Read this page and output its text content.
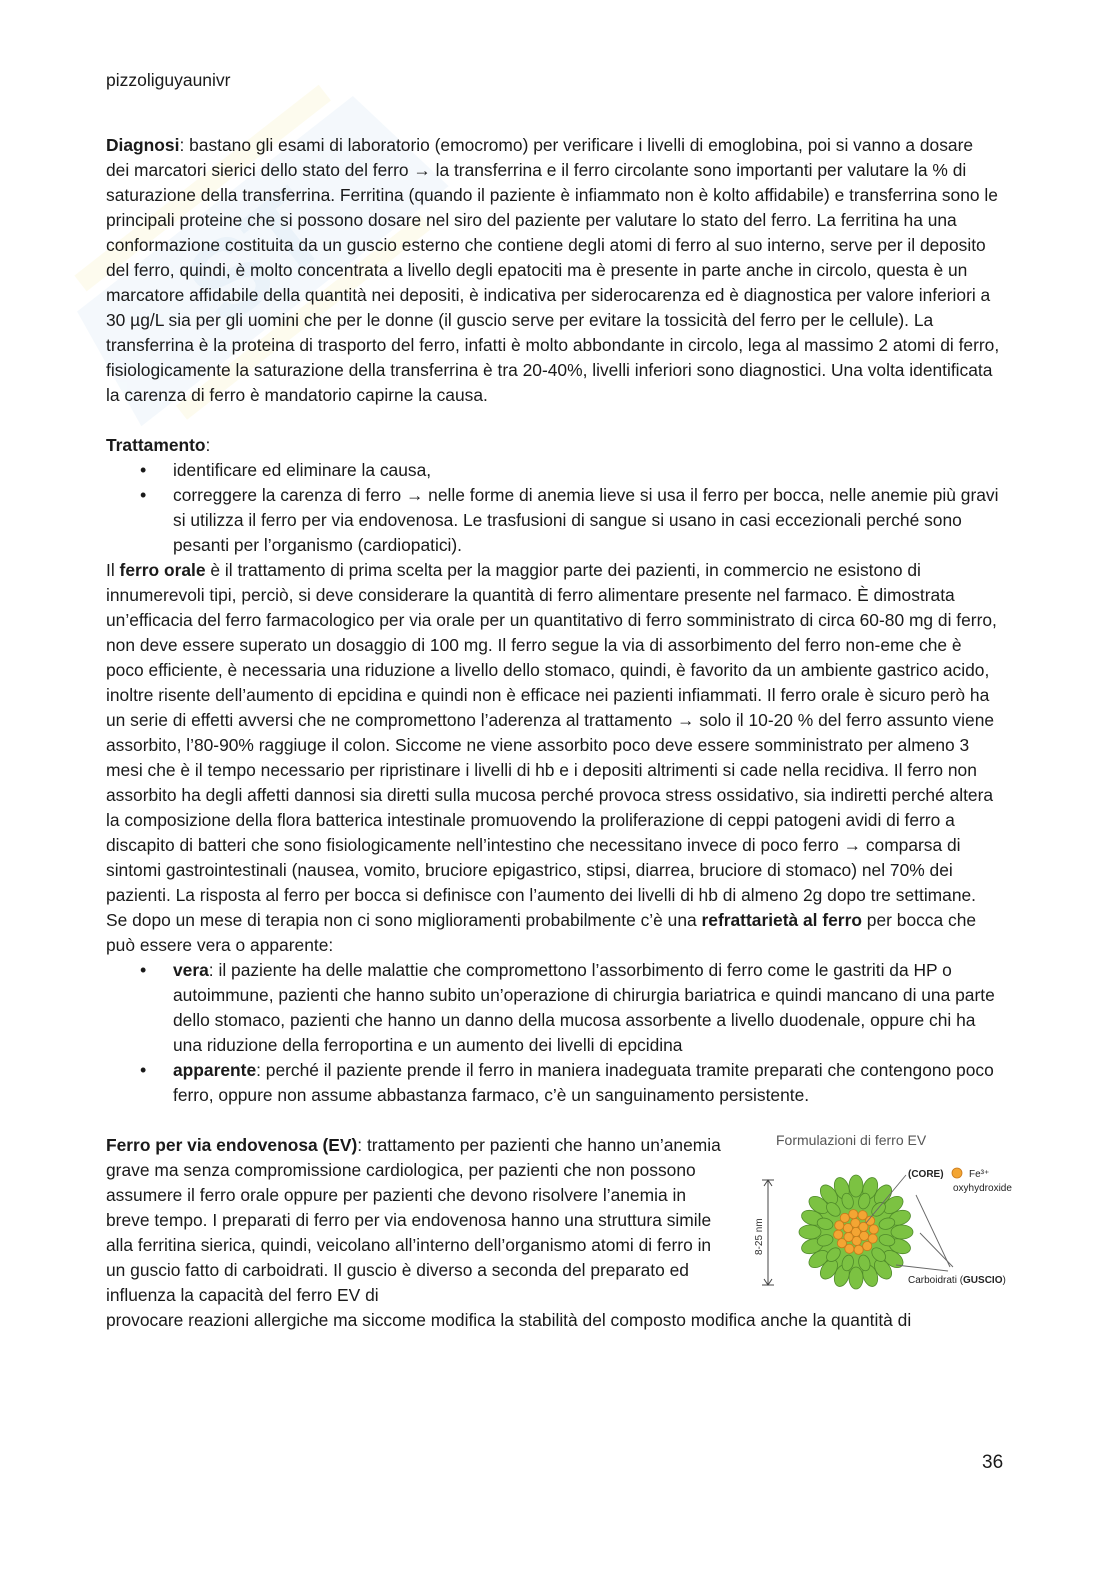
ST
pizzoliguyaunivr

Diagnosi: bastano gli esami di laboratorio (emocromo) per verificare i livelli di emoglobina, poi si vanno a dosare dei marcatori sierici dello stato del ferro → la transferrina e il ferro circolante sono importanti per valutare la % di saturazione della transferrina. Ferritina (quando il paziente è infiammato non è kolto affidabile) e transferrina sono le principali proteine che si possono dosare nel siro del paziente per valutare lo stato del ferro. La ferritina ha una conformazione costituita da un guscio esterno che contiene degli atomi di ferro al suo interno, serve per il deposito del ferro, quindi, è molto concentrata a livello degli epatociti ma è presente in parte anche in circolo, questa è un marcatore affidabile della quantità nei depositi, è indicativa per siderocarenza ed è diagnostica per valore inferiori a 30 µg/L sia per gli uomini che per le donne (il guscio serve per evitare la tossicità del ferro per le cellule). La transferrina è la proteina di trasporto del ferro, infatti è molto abbondante in circolo, lega al massimo 2 atomi di ferro, fisiologicamente la saturazione della transferrina è tra 20-40%, livelli inferiori sono diagnostici. Una volta identificata la carenza di ferro è mandatorio capirne la causa.

Trattamento:

• identificare ed eliminare la causa,
• correggere la carenza di ferro → nelle forme di anemia lieve si usa il ferro per bocca, nelle anemie più gravi si utilizza il ferro per via endovenosa. Le trasfusioni di sangue si usano in casi eccezionali perché sono pesanti per l’organismo (cardiopatici).

Il ferro orale è il trattamento di prima scelta per la maggior parte dei pazienti, in commercio ne esistono di innumerevoli tipi, perciò, si deve considerare la quantità di ferro alimentare presente nel farmaco. È dimostrata un’efficacia del ferro farmacologico per via orale per un quantitativo di ferro somministrato di circa 60-80 mg di ferro, non deve essere superato un dosaggio di 100 mg. Il ferro segue la via di assorbimento del ferro non-eme che è poco efficiente, è necessaria una riduzione a livello dello stomaco, quindi, è favorito da un ambiente gastrico acido, inoltre risente dell’aumento di epcidina e quindi non è efficace nei pazienti infiammati. Il ferro orale è sicuro però ha un serie di effetti avversi che ne compromettono l’aderenza al trattamento → solo il 10-20 % del ferro assunto viene assorbito, l’80-90% raggiuge il colon. Siccome ne viene assorbito poco deve essere somministrato per almeno 3 mesi che è il tempo necessario per ripristinare i livelli di hb e i depositi altrimenti si cade nella recidiva. Il ferro non assorbito ha degli affetti dannosi sia diretti sulla mucosa perché provoca stress ossidativo, sia indiretti perché altera la composizione della flora batterica intestinale promuovendo la proliferazione di ceppi patogeni avidi di ferro a discapito di batteri che sono fisiologicamente nell’intestino che necessitano invece di poco ferro → comparsa di sintomi gastrointestinali (nausea, vomito, bruciore epigastrico, stipsi, diarrea, bruciore di stomaco) nel 70% dei pazienti. La risposta al ferro per bocca si definisce con l’aumento dei livelli di hb di almeno 2g dopo tre settimane. Se dopo un mese di terapia non ci sono miglioramenti probabilmente c’è una refrattarietà al ferro per bocca che può essere vera o apparente:

• vera: il paziente ha delle malattie che compromettono l’assorbimento di ferro come le gastriti da HP o autoimmune, pazienti che hanno subito un’operazione di chirurgia bariatrica e quindi mancano di una parte dello stomaco, pazienti che hanno un danno della mucosa assorbente a livello duodenale, oppure chi ha una riduzione della ferroportina e un aumento dei livelli di epcidina
• apparente: perché il paziente prende il ferro in maniera inadeguata tramite preparati che contengono poco ferro, oppure non assume abbastanza farmaco, c’è un sanguinamento persistente.

Ferro per via endovenosa (EV): trattamento per pazienti che hanno un’anemia grave ma senza compromissione cardiologica, per pazienti che non possono assumere il ferro orale oppure per pazienti che devono risolvere l’anemia in breve tempo. I preparati di ferro per via endovenosa hanno una struttura simile alla ferritina sierica, quindi, veicolano all’interno dell’organismo atomi di ferro in un guscio fatto di carboidrati. Il guscio è diverso a seconda del preparato ed influenza la capacità del ferro EV di

provocare reazioni allergiche ma siccome modifica la stabilità del composto modifica anche la quantità di

Formulazioni di ferro EV
8-25 nm
(CORE)	Fe³⁺
oxyhydroxide
Carboidrati (GUSCIO)
36
